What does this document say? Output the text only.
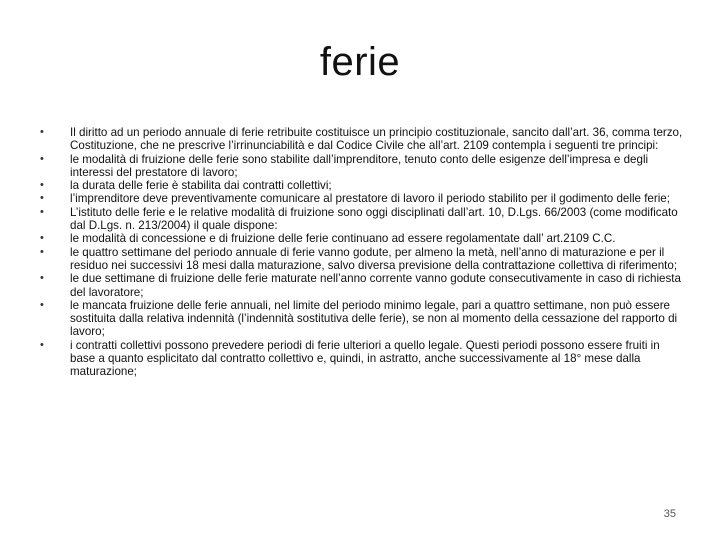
ferie
• Il diritto ad un periodo annuale di ferie retribuite costituisce un principio costituzionale, sancito dall’art. 36, comma terzo, Costituzione, che ne prescrive l’irrinunciabilità e dal Codice Civile che all’art. 2109 contempla i seguenti tre principi:
• le modalità di fruizione delle ferie sono stabilite dall’imprenditore, tenuto conto delle esigenze dell’impresa e degli interessi del prestatore di lavoro;
• la durata delle ferie è stabilita dai contratti collettivi;
• l’imprenditore deve preventivamente comunicare al prestatore di lavoro il periodo stabilito per il godimento delle ferie;
• L’istituto delle ferie e le relative modalità di fruizione sono oggi disciplinati dall’art. 10, D.Lgs. 66/2003 (come modificato dal D.Lgs. n. 213/2004) il quale dispone:
• le modalità di concessione e di fruizione delle ferie continuano ad essere regolamentate dall’ art.2109 C.C.
• le quattro settimane del periodo annuale di ferie vanno godute, per almeno la metà, nell’anno di maturazione e per il residuo nei successivi 18 mesi dalla maturazione, salvo diversa previsione della contrattazione collettiva di riferimento;
• le due settimane di fruizione delle ferie maturate nell’anno corrente vanno godute consecutivamente in caso di richiesta del lavoratore;
• le mancata fruizione delle ferie annuali, nel limite del periodo minimo legale, pari a quattro settimane, non può essere sostituita dalla relativa indennità (l’indennità sostitutiva delle ferie), se non al momento della cessazione del rapporto di lavoro;
• i contratti collettivi possono prevedere periodi di ferie ulteriori a quello legale. Questi periodi possono essere fruiti in base a quanto esplicitato dal contratto collettivo e, quindi, in astratto, anche successivamente al 18° mese dalla maturazione;
35
